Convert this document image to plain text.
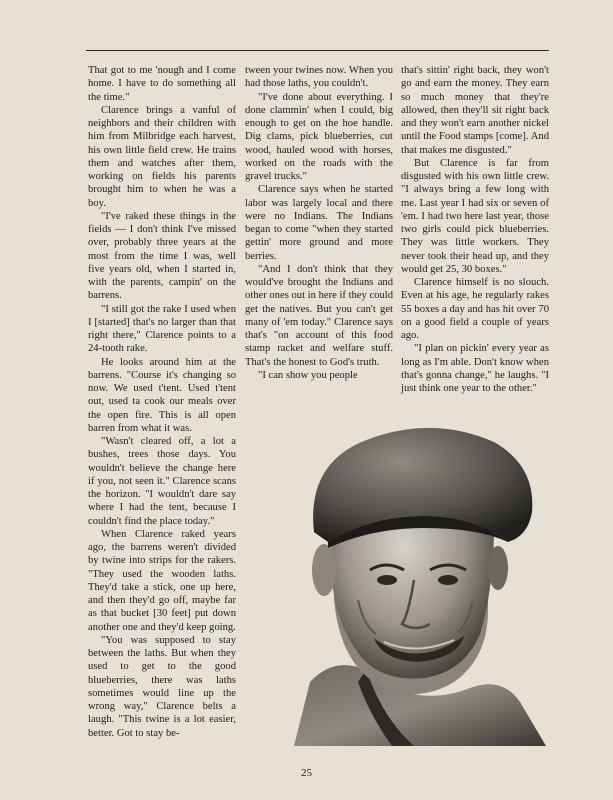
That got to me 'nough and I come home. I have to do something all the time."

Clarence brings a vanful of neighbors and their children with him from Milbridge each harvest, his own little field crew. He trains them and watches after them, working on fields his parents brought him to when he was a boy.

"I've raked these things in the fields — I don't think I've missed over, probably three years at the most from the time I was, well five years old, when I started in, with the parents, campin' on the barrens.

"I still got the rake I used when I [started] that's no larger than that right there," Clarence points to a 24-tooth rake.

He looks around him at the barrens. "Course it's changing so now. We used t'tent. Used t'tent out, used ta cook our meals over the open fire. This is all open barren from what it was.

"Wasn't cleared off, a lot a bushes, trees those days. You wouldn't believe the change here if you, not seen it." Clarence scans the horizon. "I wouldn't dare say where I had the tent, because I couldn't find the place today."

When Clarence raked years ago, the barrens weren't divided by twine into strips for the rakers. "They used the wooden laths. They'd take a stick, one up here, and then they'd go off, maybe far as that bucket [30 feet] put down another one and they'd keep going.

"You was supposed to stay between the laths. But when they used to get to the good blueberries, there was laths sometimes would line up the wrong way," Clarence belts a laugh. "This twine is a lot easier, better. Got to stay be-

tween your twines now. When you had those laths, you couldn't.

"I've done about everything. I done clammin' when I could, big enough to get on the hoe handle. Dig clams, pick blueberries, cut wood, hauled wood with horses, worked on the roads with the gravel trucks."

Clarence says when he started labor was largely local and there were no Indians. The Indians began to come "when they started gettin' more ground and more berries.

"And I don't think that they would've brought the Indians and other ones out in here if they could get the natives. But you can't get many of 'em today." Clarence says that's "on account of this food stamp racket and welfare stuff. That's the honest to God's truth.

"I can show you people

that's sittin' right back, they won't go and earn the money. They earn so much money that they're allowed, then they'll sit right back and they won't earn another nickel until the Food stamps [come]. And that makes me disgusted."

But Clarence is far from disgusted with his own little crew. "I always bring a few long with me. Last year I had six or seven of 'em. I had two here last year, those two girls could pick blueberries. They was little workers. They never took their head up, and they would get 25, 30 boxes."

Clarence himself is no slouch. Even at his age, he regularly rakes 55 boxes a day and has hit over 70 on a good field a couple of years ago.

"I plan on pickin' every year as long as I'm able. Don't know when that's gonna change," he laughs. "I just think one year to the other."

25
